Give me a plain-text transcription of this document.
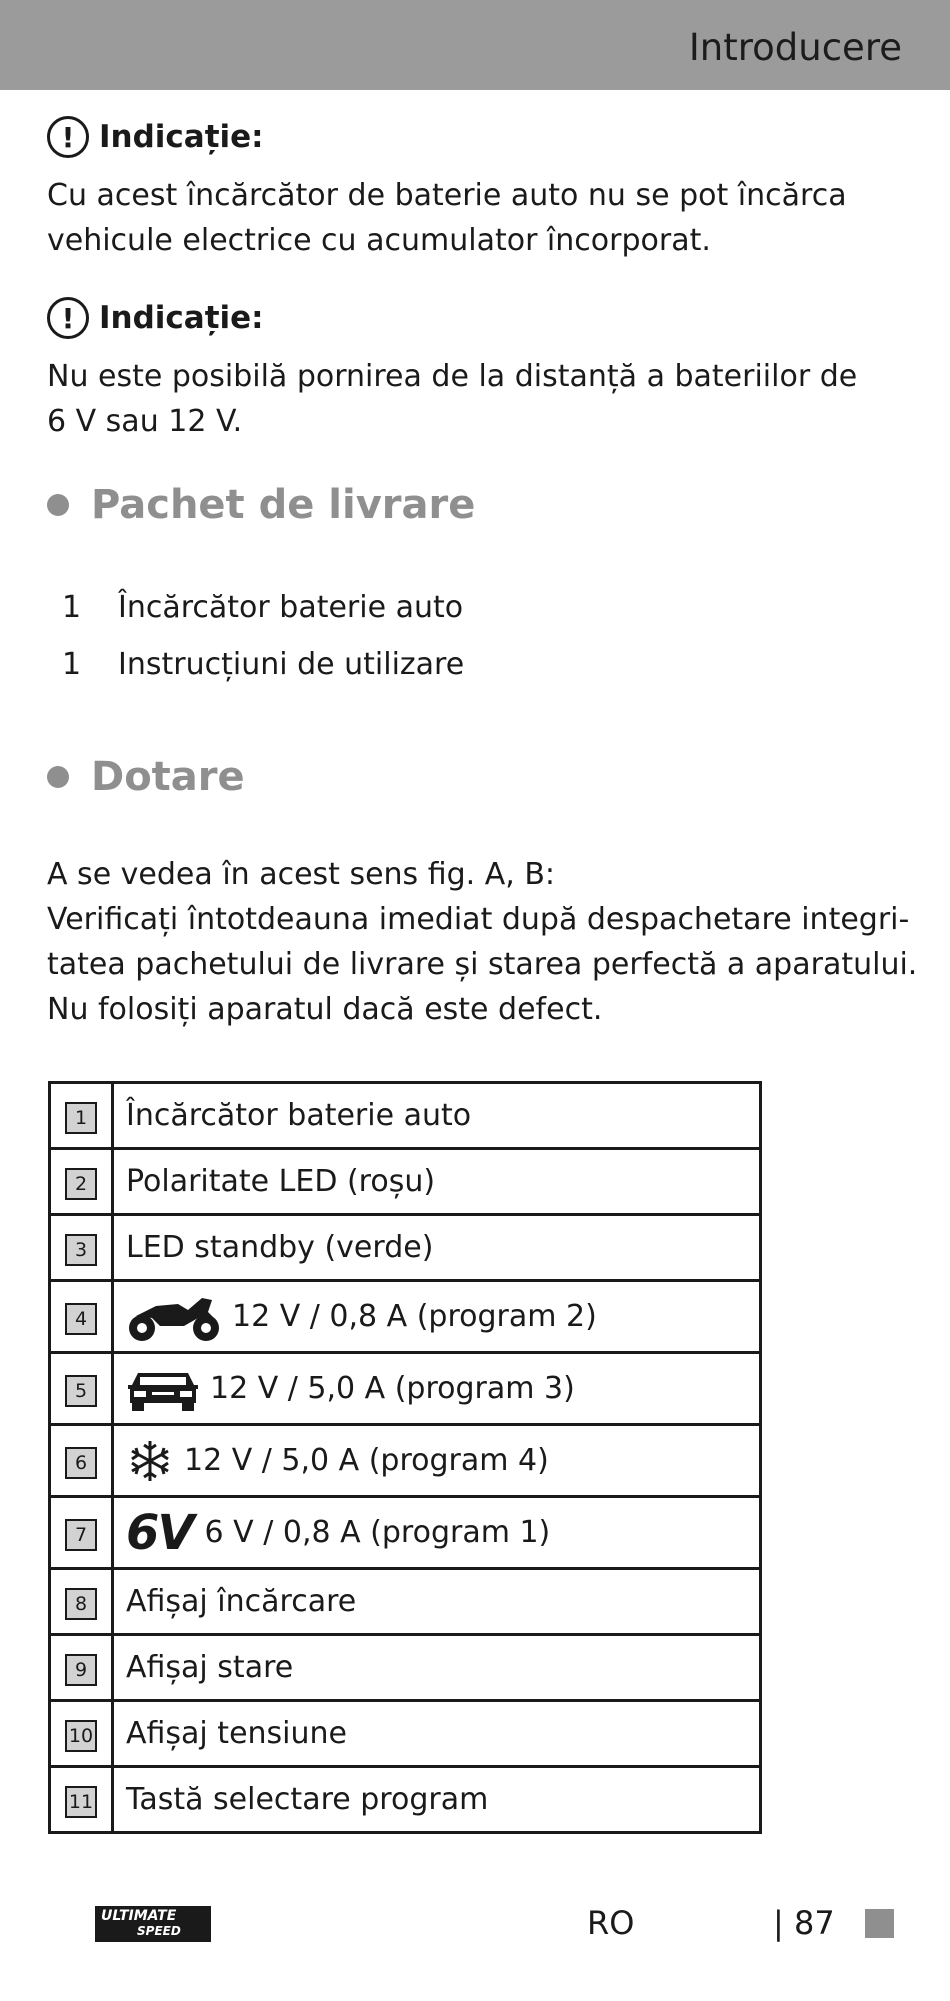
Introducere
! Indicație:
Cu acest încărcător de baterie auto nu se pot încărca
vehicule electrice cu acumulator încorporat.
! Indicație:
Nu este posibilă pornirea de la distanță a bateriilor de
6 V sau 12 V.
Pachet de livrare
1 Încărcător baterie auto
1 Instrucțiuni de utilizare
Dotare
A se vedea în acest sens fig. A, B:
Verificați întotdeauna imediat după despachetare integri-
tatea pachetului de livrare și starea perfectă a aparatului.
Nu folosiți aparatul dacă este defect.
1	Încărcător baterie auto
2	Polaritate LED (roșu)
3	LED standby (verde)
4	12 V / 0,8 A (program 2)

5	12 V / 5,0 A (program 3)

6	12 V / 5,0 A (program 4)

7	6V 6 V / 0,8 A (program 1)

8	Afișaj încărcare
9	Afișaj stare
10	Afișaj tensiune
11	Tastă selectare program
ULTIMATE
SPEED	RO	| 87
